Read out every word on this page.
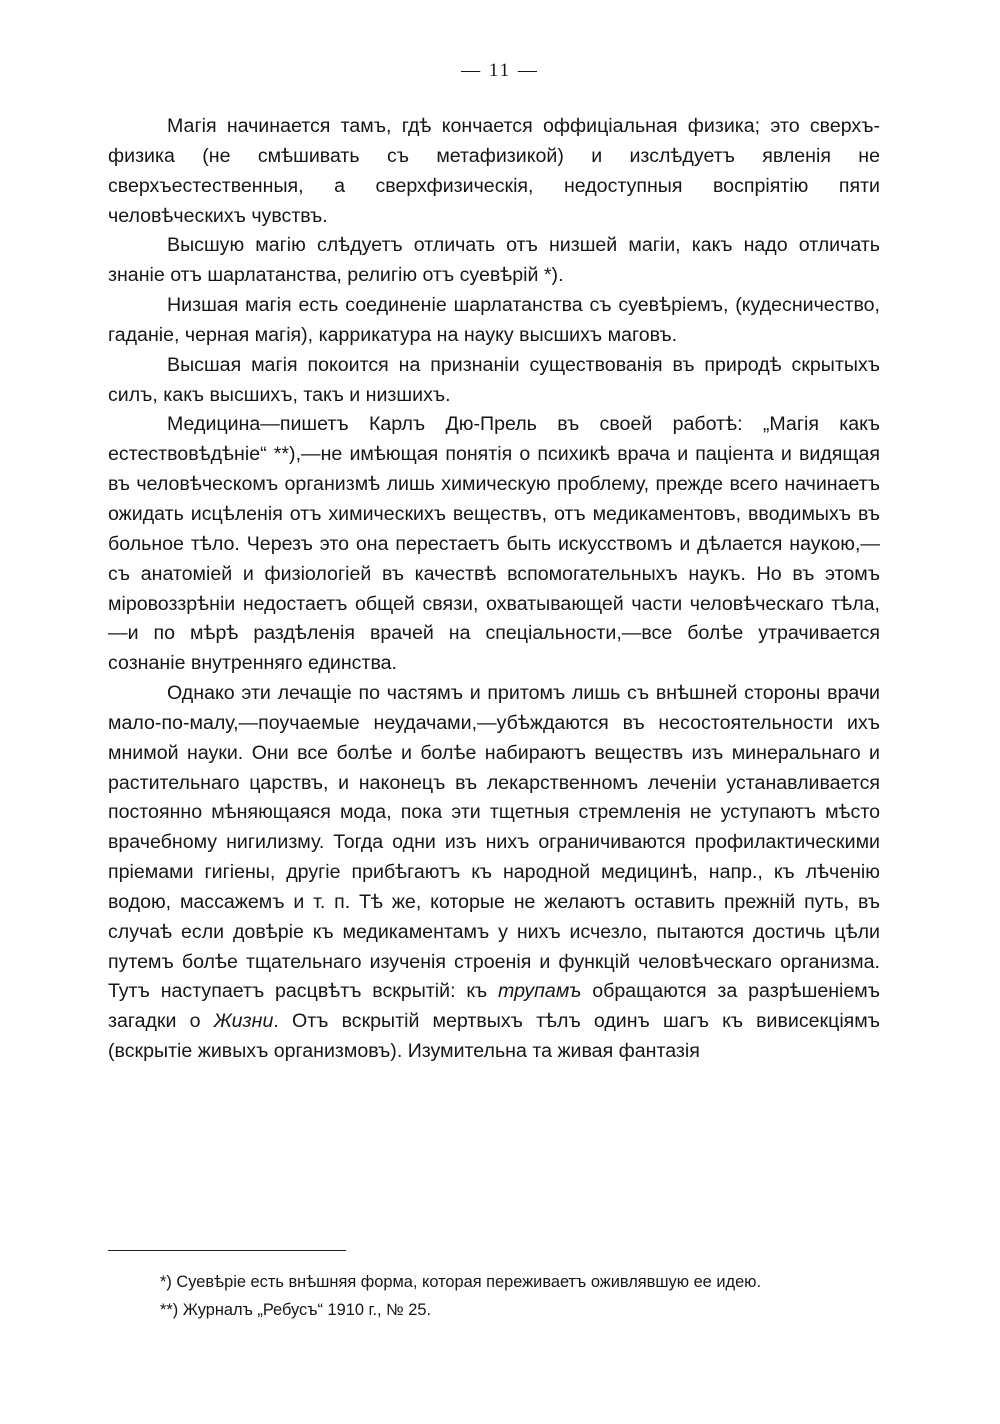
— 11 —

Магія начинается тамъ, гдѣ кончается оффиціальная физика; это сверхъ-физика (не смѣшивать съ метафизикой) и изслѣдуетъ явленія не сверхъестественныя, а сверхфизическія, недоступныя воспріятію пяти человѣческихъ чувствъ.

Высшую магію слѣдуетъ отличать отъ низшей магіи, какъ надо отличать знаніе отъ шарлатанства, религію отъ суевѣрій *).

Низшая магія есть соединеніе шарлатанства съ суевѣріемъ, (кудесничество, гаданіе, черная магія), каррикатура на науку высшихъ маговъ.

Высшая магія покоится на признаніи существованія въ природѣ скрытыхъ силъ, какъ высшихъ, такъ и низшихъ.

Медицина—пишетъ Карлъ Дю-Прель въ своей работѣ: „Магія какъ естествовѣдѣніе“ **),—не имѣющая понятія о психикѣ врача и паціента и видящая въ человѣческомъ организмѣ лишь химическую проблему, прежде всего начинаетъ ожидать исцѣленія отъ химическихъ веществъ, отъ медикаментовъ, вводимыхъ въ больное тѣло. Черезъ это она перестаетъ быть искусствомъ и дѣлается наукою,—съ анатоміей и физіологіей въ качествѣ вспомогательныхъ наукъ. Но въ этомъ міровоззрѣніи недостаетъ общей связи, охватывающей части человѣческаго тѣла,—и по мѣрѣ раздѣленія врачей на спеціальности,—все болѣе утрачивается сознаніе внутренняго единства.

Однако эти лечащіе по частямъ и притомъ лишь съ внѣшней стороны врачи мало-по-малу,—поучаемые неудачами,—убѣждаются въ несостоятельности ихъ мнимой науки. Они все болѣе и болѣе набираютъ веществъ изъ минеральнаго и растительнаго царствъ, и наконецъ въ лекарственномъ леченіи устанавливается постоянно мѣняющаяся мода, пока эти тщетныя стремленія не уступаютъ мѣсто врачебному нигилизму. Тогда одни изъ нихъ ограничиваются профилактическими пріемами гигіены, другіе прибѣгаютъ къ народной медицинѣ, напр., къ лѣченію водою, массажемъ и т. п. Тѣ же, которые не желаютъ оставить прежній путь, въ случаѣ если довѣріе къ медикаментамъ у нихъ исчезло, пытаются достичь цѣли путемъ болѣе тщательнаго изученія строенія и функцій человѣческаго организма. Тутъ наступаетъ расцвѣтъ вскрытій: къ трупамъ обращаются за разрѣшеніемъ загадки о Жизни. Отъ вскрытій мертвыхъ тѣлъ одинъ шагъ къ вивисекціямъ (вскрытіе живыхъ организмовъ). Изумительна та живая фантазія

*) Суевѣріе есть внѣшняя форма, которая переживаетъ оживлявшую ее идею.
**) Журналъ „Ребусъ“ 1910 г., № 25.
